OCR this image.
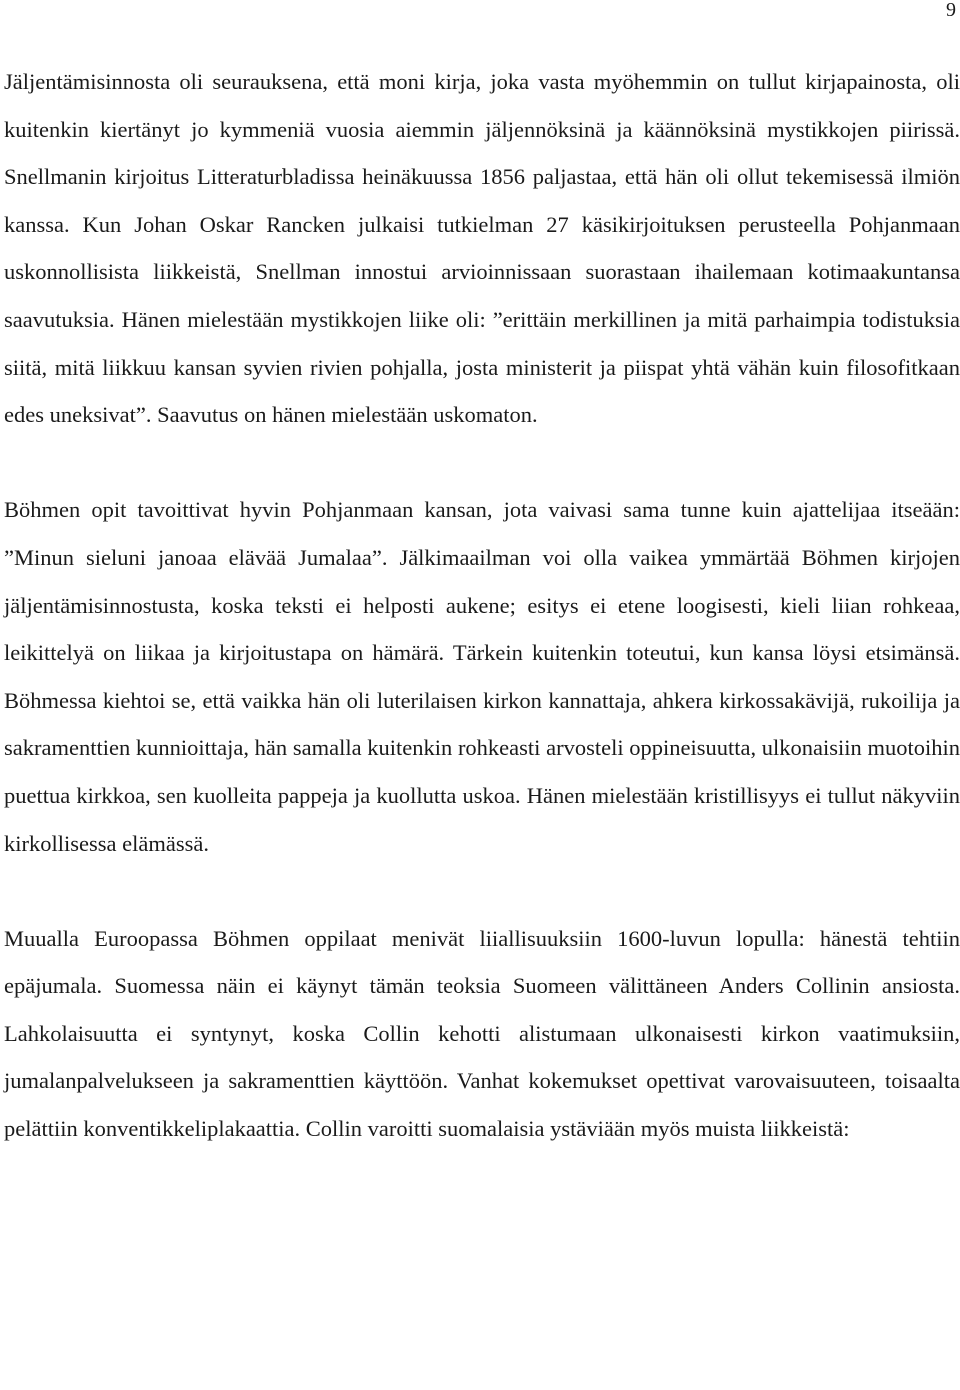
9

Jäljentämisinnosta oli seurauksena, että moni kirja, joka vasta myöhemmin on tullut kirjapainosta, oli kuitenkin kiertänyt jo kymmeniä vuosia aiemmin jäljennöksinä ja käännöksinä mystikkojen piirissä. Snellmanin kirjoitus Litteraturbladissa heinäkuussa 1856 paljastaa, että hän oli ollut tekemisessä ilmiön kanssa. Kun Johan Oskar Rancken julkaisi tutkielman 27 käsikirjoituksen perusteella Pohjanmaan uskonnollisista liikkeistä, Snellman innostui arvioinnissaan suorastaan ihailemaan kotimaakuntansa saavutuksia. Hänen mielestään mystikkojen liike oli: ”erittäin merkillinen ja mitä parhaimpia todistuksia siitä, mitä liikkuu kansan syvien rivien pohjalla, josta ministerit ja piispat yhtä vähän kuin filosofitkaan edes uneksivat”. Saavutus on hänen mielestään uskomaton.

Böhmen opit tavoittivat hyvin Pohjanmaan kansan, jota vaivasi sama tunne kuin ajattelijaa itseään: ”Minun sieluni janoaa elävää Jumalaa”. Jälkimaailman voi olla vaikea ymmärtää Böhmen kirjojen jäljentämisinnostusta, koska teksti ei helposti aukene; esitys ei etene loogisesti, kieli liian rohkeaa, leikittelyä on liikaa ja kirjoitustapa on hämärä. Tärkein kuitenkin toteutui, kun kansa löysi etsimänsä. Böhmessa kiehtoi se, että vaikka hän oli luterilaisen kirkon kannattaja, ahkera kirkossakävijä, rukoilija ja sakramenttien kunnioittaja, hän samalla kuitenkin rohkeasti arvosteli oppineisuutta, ulkonaisiin muotoihin puettua kirkkoa, sen kuolleita pappeja ja kuollutta uskoa. Hänen mielestään kristillisyys ei tullut näkyviin kirkollisessa elämässä.

Muualla Euroopassa Böhmen oppilaat menivät liiallisuuksiin 1600-luvun lopulla: hänestä tehtiin epäjumala. Suomessa näin ei käynyt tämän teoksia Suomeen välittäneen Anders Collinin ansiosta. Lahkolaisuutta ei syntynyt, koska Collin kehotti alistumaan ulkonaisesti kirkon vaatimuksiin, jumalanpalvelukseen ja sakramenttien käyttöön. Vanhat kokemukset opettivat varovaisuuteen, toisaalta pelättiin konventikkeliplakaattia. Collin varoitti suomalaisia ystäviään myös muista liikkeistä:
